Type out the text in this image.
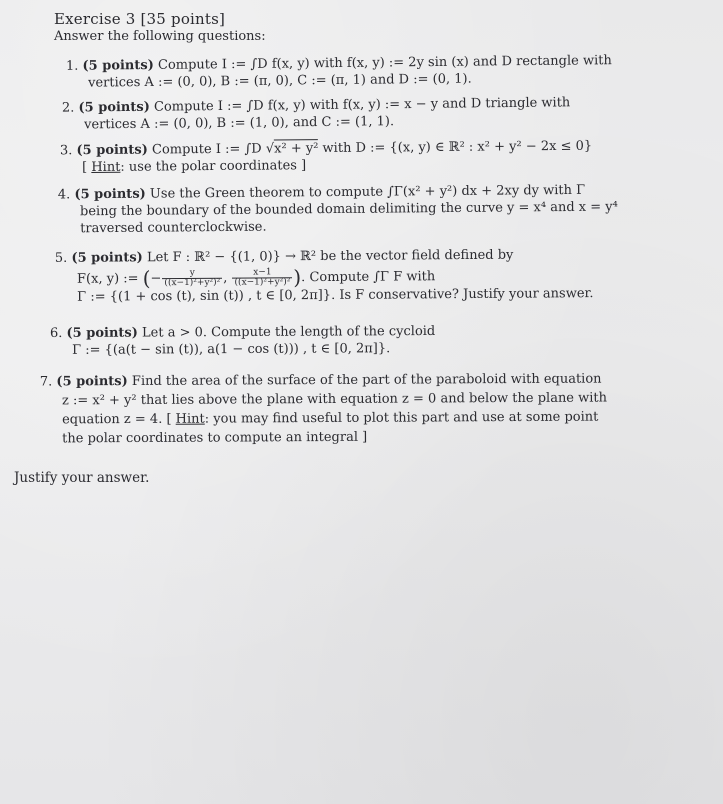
Exercise 3 [35 points]
Answer the following questions:
1. (5 points) Compute I := ∫D f(x, y) with f(x, y) := 2y sin (x) and D rectangle with
vertices A := (0, 0), B := (π, 0), C := (π, 1) and D := (0, 1).
2. (5 points) Compute I := ∫D f(x, y) with f(x, y) := x − y and D triangle with
vertices A := (0, 0), B := (1, 0), and C := (1, 1).
3. (5 points) Compute I := ∫D √x² + y² with D := {(x, y) ∈ ℝ² : x² + y² − 2x ≤ 0}
[ Hint: use the polar coordinates ]
4. (5 points) Use the Green theorem to compute ∫Γ(x² + y²) dx + 2xy dy with Γ
being the boundary of the bounded domain delimiting the curve y = x⁴ and x = y⁴
traversed counterclockwise.
5. (5 points) Let F : ℝ² − {(1, 0)} → ℝ² be the vector field defined by
F(x, y) := (− $\frac{y}{\text{((x−1)²+y²)²}}$ , $\frac{x-1}{\text{((x−1)²+y²)²}}$ ). Compute ∫Γ F with
Γ := {(1 + cos (t), sin (t)) , t ∈ [0, 2π]}. Is F conservative? Justify your answer.
6. (5 points) Let a > 0. Compute the length of the cycloid
Γ := {(a(t − sin (t)), a(1 − cos (t))) , t ∈ [0, 2π]}.
7. (5 points) Find the area of the surface of the part of the paraboloid with equation
z := x² + y² that lies above the plane with equation z = 0 and below the plane with
equation z = 4. [ Hint: you may find useful to plot this part and use at some point
the polar coordinates to compute an integral ]
Justify your answer.
